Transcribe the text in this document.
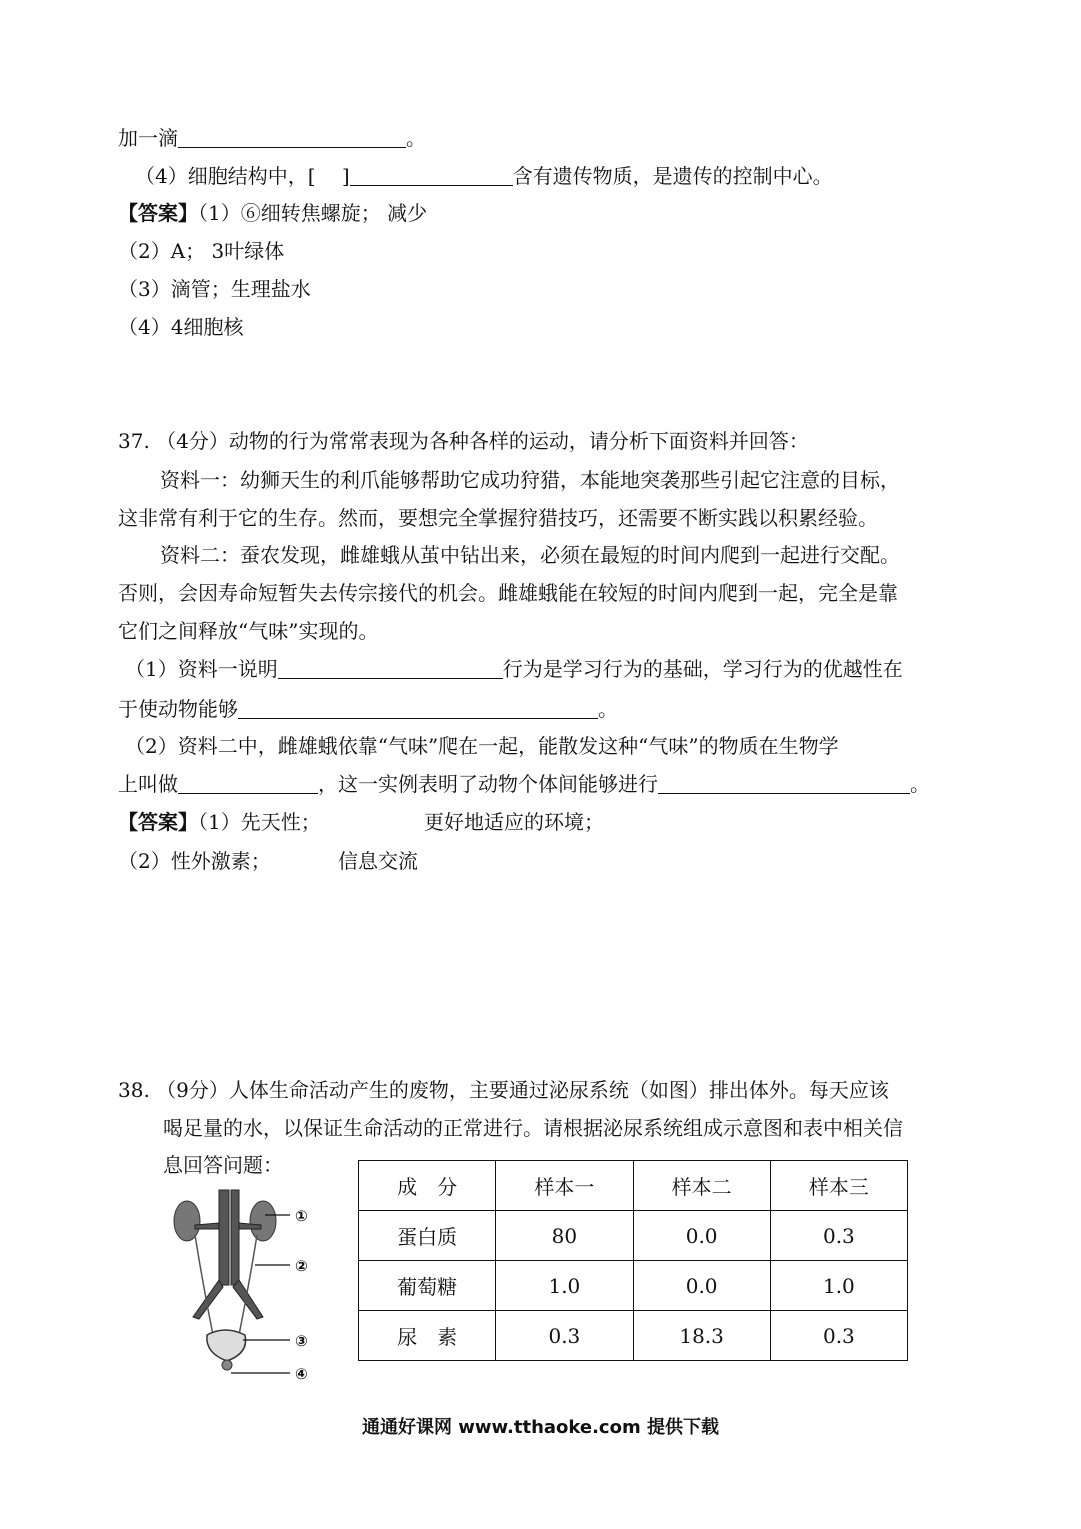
加一滴	。
（4）细胞结构中，[　 ]	含有遗传物质，是遗传的控制中心。
【答案】（1）⑥细转焦螺旋； 减少
（2）A； 3叶绿体
（3）滴管；生理盐水
（4）4细胞核
37. （4分）动物的行为常常表现为各种各样的运动，请分析下面资料并回答：
资料一：幼狮天生的利爪能够帮助它成功狩猎，本能地突袭那些引起它注意的目标，
这非常有利于它的生存。然而，要想完全掌握狩猎技巧，还需要不断实践以积累经验。
资料二：蚕农发现，雌雄蛾从茧中钻出来，必须在最短的时间内爬到一起进行交配。
否则，会因寿命短暂失去传宗接代的机会。雌雄蛾能在较短的时间内爬到一起，完全是靠
它们之间释放“气味”实现的。
（1）资料一说明	行为是学习行为的基础，学习行为的优越性在
于使动物能够	。
（2）资料二中，雌雄蛾依靠“气味”爬在一起，能散发这种“气味”的物质在生物学
上叫做	，这一实例表明了动物个体间能够进行	。
【答案】（1）先天性；	更好地适应的环境；
（2）性外激素；	信息交流
38. （9分）人体生命活动产生的废物，主要通过泌尿系统（如图）排出体外。每天应该
喝足量的水，以保证生命活动的正常进行。请根据泌尿系统组成示意图和表中相关信
息回答问题：
①
②
③
④
成　分	样本一	样本二	样本三
蛋白质	80	0.0	0.3
葡萄糖	1.0	0.0	1.0
尿　素	0.3	18.3	0.3
通通好课网 www.tthaoke.com 提供下载
